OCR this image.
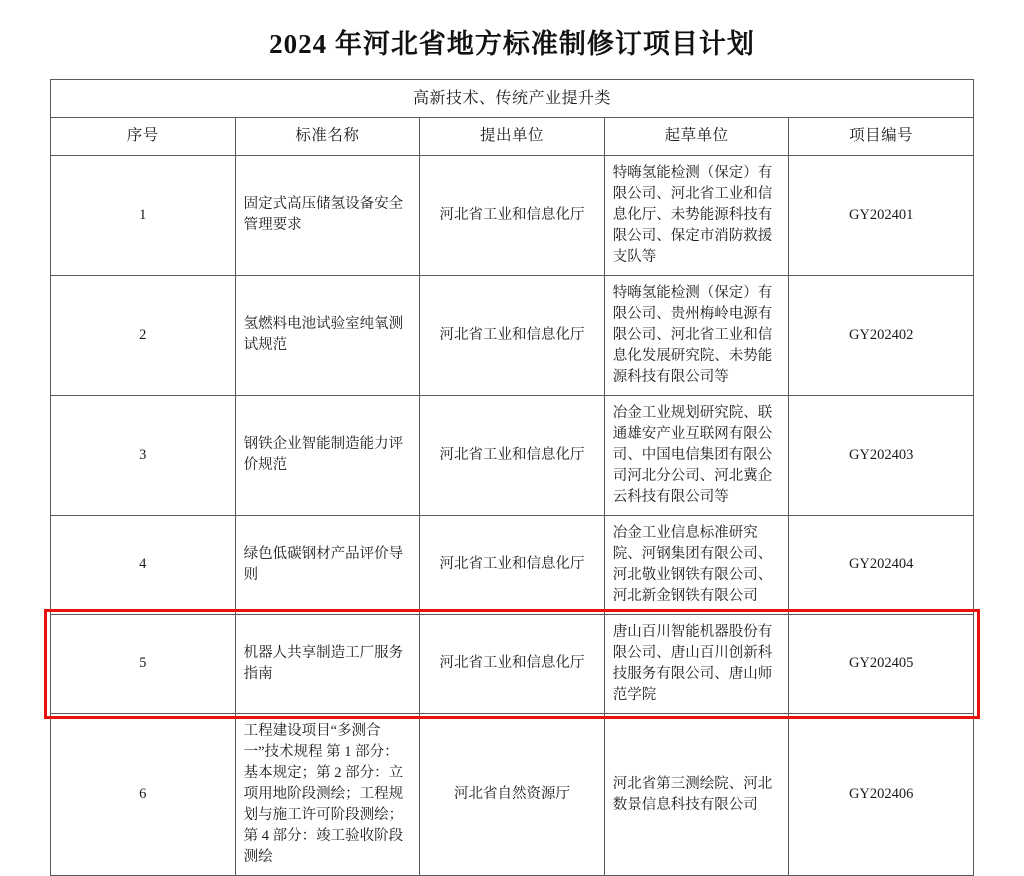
2024 年河北省地方标准制修订项目计划
高新技术、传统产业提升类				
序号	标准名称	提出单位	起草单位	项目编号
1	固定式高压储氢设备安全管理要求	河北省工业和信息化厅	特嗨氢能检测（保定）有限公司、河北省工业和信息化厅、未势能源科技有限公司、保定市消防救援支队等	GY202401
2	氢燃料电池试验室纯氧测试规范	河北省工业和信息化厅	特嗨氢能检测（保定）有限公司、贵州梅岭电源有限公司、河北省工业和信息化发展研究院、未势能源科技有限公司等	GY202402
3	钢铁企业智能制造能力评价规范	河北省工业和信息化厅	冶金工业规划研究院、联通雄安产业互联网有限公司、中国电信集团有限公司河北分公司、河北冀企云科技有限公司等	GY202403
4	绿色低碳钢材产品评价导则	河北省工业和信息化厅	冶金工业信息标准研究院、河钢集团有限公司、河北敬业钢铁有限公司、河北新金钢铁有限公司	GY202404
5	机器人共享制造工厂服务指南	河北省工业和信息化厅	唐山百川智能机器股份有限公司、唐山百川创新科技服务有限公司、唐山师范学院	GY202405
6	工程建设项目“多测合一”技术规程 第 1 部分：基本规定；第 2 部分：立项用地阶段测绘；工程规划与施工许可阶段测绘；第 4 部分：竣工验收阶段测绘	河北省自然资源厅	河北省第三测绘院、河北数景信息科技有限公司	GY202406
